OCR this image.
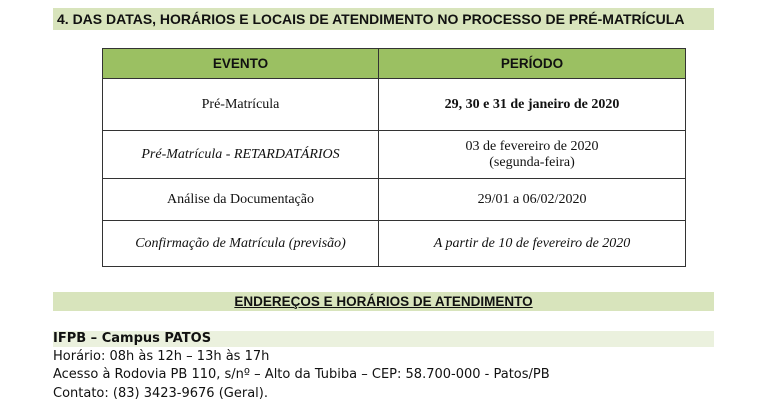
4. DAS DATAS, HORÁRIOS E LOCAIS DE ATENDIMENTO NO PROCESSO DE PRÉ-MATRÍCULA
EVENTO	PERÍODO
Pré-Matrícula	29, 30 e 31 de janeiro de 2020
Pré-Matrícula - RETARDATÁRIOS	03 de fevereiro de 2020
(segunda-feira)

Análise da Documentação	29/01 a 06/02/2020
Confirmação de Matrícula (previsão)	A partir de 10 de fevereiro de 2020
ENDEREÇOS E HORÁRIOS DE ATENDIMENTO
IFPB – Campus PATOS
Horário: 08h às 12h – 13h às 17h
Acesso à Rodovia PB 110, s/nº – Alto da Tubiba – CEP: 58.700-000 - Patos/PB
Contato: (83) 3423-9676 (Geral).
